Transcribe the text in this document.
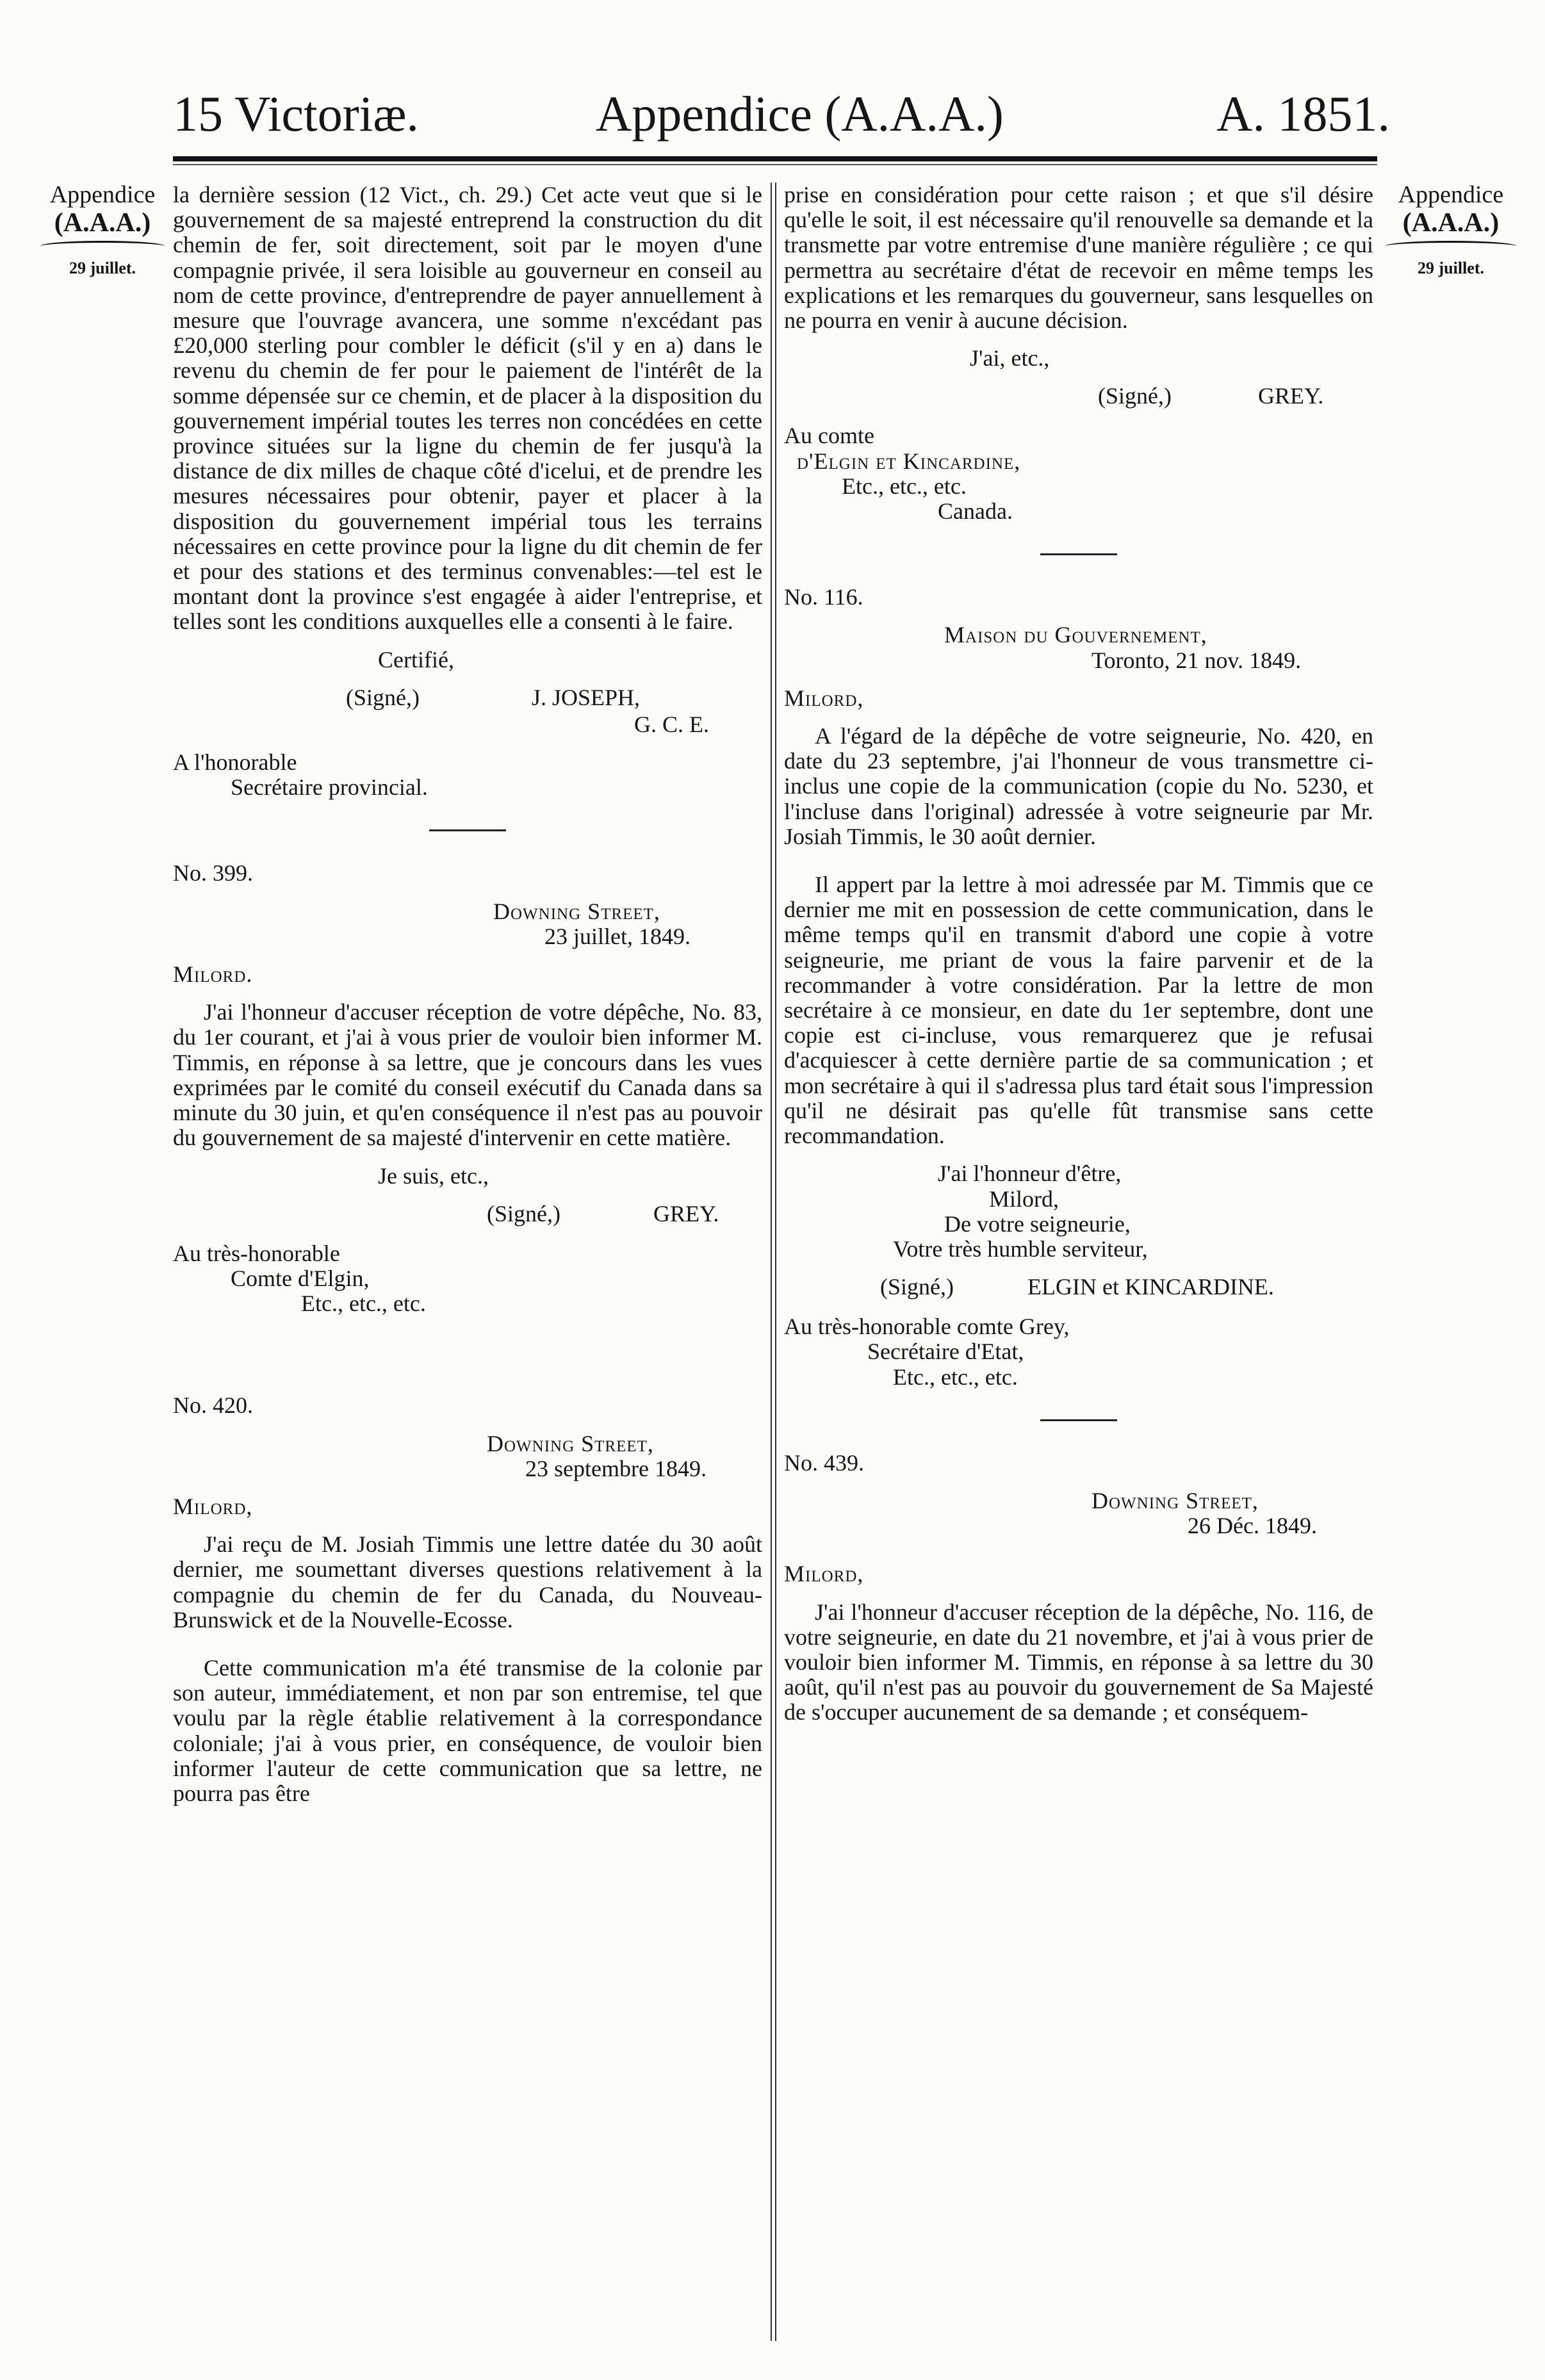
15 Victoriæ.	Appendice (A.A.A.)	A. 1851.
Appendice
(A.A.A.)
29 juillet.
Appendice
(A.A.A.)
29 juillet.

la dernière session (12 Vict., ch. 29.) Cet acte veut que si le gouvernement de sa majesté entreprend la construction du dit chemin de fer, soit directement, soit par le moyen d'une compagnie privée, il sera loisible au gouverneur en conseil au nom de cette province, d'entreprendre de payer annuellement à mesure que l'ouvrage avancera, une somme n'excédant pas £20,000 sterling pour combler le déficit (s'il y en a) dans le revenu du chemin de fer pour le paiement de l'intérêt de la somme dépensée sur ce chemin, et de placer à la disposition du gouvernement impérial toutes les terres non concédées en cette province situées sur la ligne du chemin de fer jusqu'à la distance de dix milles de chaque côté d'icelui, et de prendre les mesures nécessaires pour obtenir, payer et placer à la disposition du gouvernement impérial tous les terrains nécessaires en cette province pour la ligne du dit chemin de fer et pour des stations et des terminus convenables:—tel est le montant dont la province s'est engagée à aider l'entreprise, et telles sont les conditions auxquelles elle a consenti à le faire.

Certifié,

(Signé,)	J. JOSEPH,

G. C. E.

A l'honorable

Secrétaire provincial.

No. 399.

Downing Street,

23 juillet, 1849.

Milord.

J'ai l'honneur d'accuser réception de votre dépêche, No. 83, du 1er courant, et j'ai à vous prier de vouloir bien informer M. Timmis, en réponse à sa lettre, que je concours dans les vues exprimées par le comité du conseil exécutif du Canada dans sa minute du 30 juin, et qu'en conséquence il n'est pas au pouvoir du gouvernement de sa majesté d'intervenir en cette matière.

Je suis, etc.,

(Signé,)	GREY.

Au très-honorable

Comte d'Elgin,

Etc., etc., etc.

No. 420.

Downing Street,

23 septembre 1849.

Milord,

J'ai reçu de M. Josiah Timmis une lettre datée du 30 août dernier, me soumettant diverses questions relativement à la compagnie du chemin de fer du Canada, du Nouveau-Brunswick et de la Nouvelle-Ecosse.

Cette communication m'a été transmise de la colonie par son auteur, immédiatement, et non par son entremise, tel que voulu par la règle établie relativement à la correspondance coloniale; j'ai à vous prier, en conséquence, de vouloir bien informer l'auteur de cette communication que sa lettre, ne pourra pas être

prise en considération pour cette raison ; et que s'il désire qu'elle le soit, il est nécessaire qu'il renouvelle sa demande et la transmette par votre entremise d'une manière régulière ; ce qui permettra au secrétaire d'état de recevoir en même temps les explications et les remarques du gouverneur, sans lesquelles on ne pourra en venir à aucune décision.

J'ai, etc.,

(Signé,)	GREY.

Au comte

d'Elgin et Kincardine,

Etc., etc., etc.

Canada.

No. 116.

Maison du Gouvernement,

Toronto, 21 nov. 1849.

Milord,

A l'égard de la dépêche de votre seigneurie, No. 420, en date du 23 septembre, j'ai l'honneur de vous transmettre ci-inclus une copie de la communication (copie du No. 5230, et l'incluse dans l'original) adressée à votre seigneurie par Mr. Josiah Timmis, le 30 août dernier.

Il appert par la lettre à moi adressée par M. Timmis que ce dernier me mit en possession de cette communication, dans le même temps qu'il en transmit d'abord une copie à votre seigneurie, me priant de vous la faire parvenir et de la recommander à votre considération. Par la lettre de mon secrétaire à ce monsieur, en date du 1er septembre, dont une copie est ci-incluse, vous remarquerez que je refusai d'acquiescer à cette dernière partie de sa communication ; et mon secrétaire à qui il s'adressa plus tard était sous l'impression qu'il ne désirait pas qu'elle fût transmise sans cette recommandation.

J'ai l'honneur d'être,

Milord,

De votre seigneurie,

Votre très humble serviteur,

(Signé,)	ELGIN et KINCARDINE.

Au très-honorable comte Grey,

Secrétaire d'Etat,

Etc., etc., etc.

No. 439.

Downing Street,

26 Déc. 1849.

Milord,

J'ai l'honneur d'accuser réception de la dépêche, No. 116, de votre seigneurie, en date du 21 novembre, et j'ai à vous prier de vouloir bien informer M. Timmis, en réponse à sa lettre du 30 août, qu'il n'est pas au pouvoir du gouvernement de Sa Majesté de s'occuper aucunement de sa demande ; et conséquem-
